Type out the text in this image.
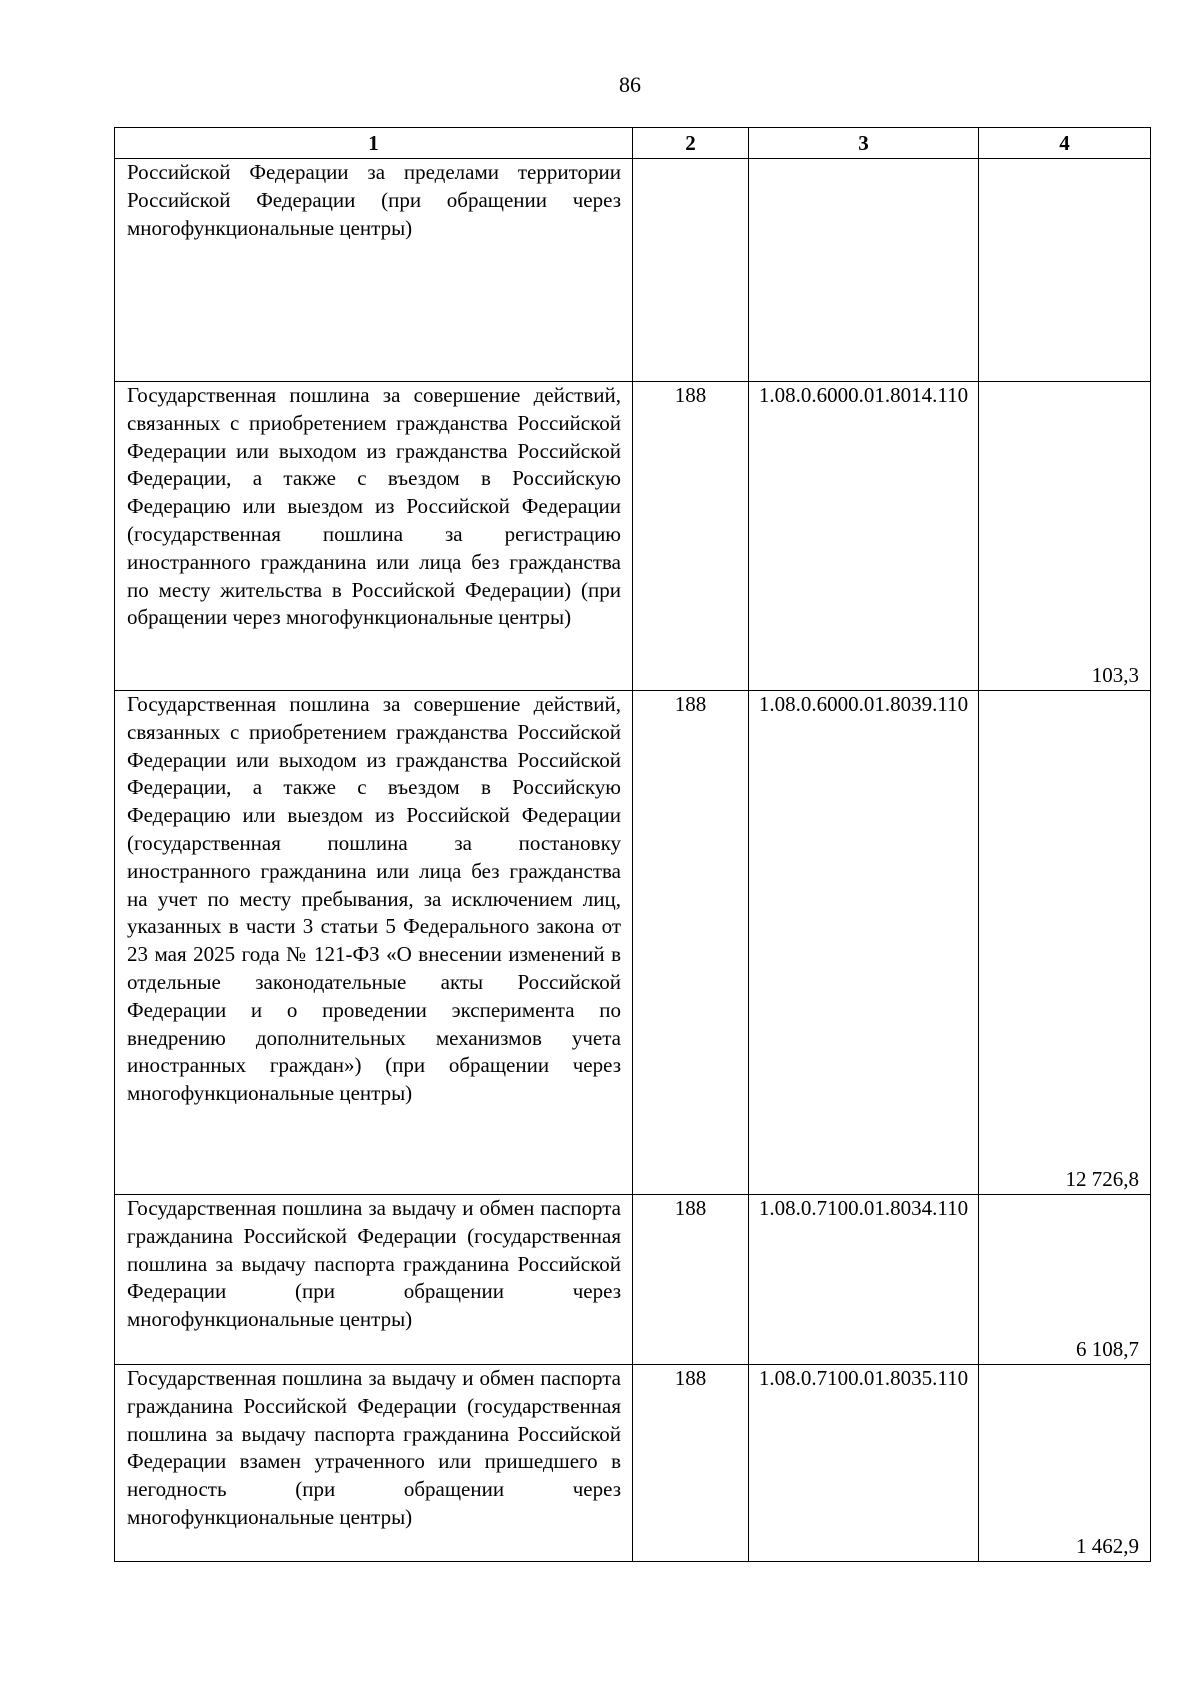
86
1	2	3	4
Российской Федерации за пределами территории Российской Федерации (при обращении через многофункциональные центры)			
Государственная пошлина за совершение действий, связанных с приобретением гражданства Российской Федерации или выходом из гражданства Российской Федерации, а также с въездом в Российскую Федерацию или выездом из Российской Федерации (государственная пошлина за регистрацию иностранного гражданина или лица без гражданства по месту жительства в Российской Федерации) (при обращении через многофункциональные центры)	188	1.08.0.6000.01.8014.110	103,3
Государственная пошлина за совершение действий, связанных с приобретением гражданства Российской Федерации или выходом из гражданства Российской Федерации, а также с въездом в Российскую Федерацию или выездом из Российской Федерации (государственная пошлина за постановку иностранного гражданина или лица без гражданства на учет по месту пребывания, за исключением лиц, указанных в части 3 статьи 5 Федерального закона от 23 мая 2025 года № 121-ФЗ «О внесении изменений в отдельные законодательные акты Российской Федерации и о проведении эксперимента по внедрению дополнительных механизмов учета иностранных граждан») (при обращении через многофункциональные центры)	188	1.08.0.6000.01.8039.110	12 726,8
Государственная пошлина за выдачу и обмен паспорта гражданина Российской Федерации (государственная пошлина за выдачу паспорта гражданина Российской Федерации (при обращении через многофункциональные центры)	188	1.08.0.7100.01.8034.110	6 108,7
Государственная пошлина за выдачу и обмен паспорта гражданина Российской Федерации (государственная пошлина за выдачу паспорта гражданина Российской Федерации взамен утраченного или пришедшего в негодность (при обращении через многофункциональные центры)	188	1.08.0.7100.01.8035.110	1 462,9
